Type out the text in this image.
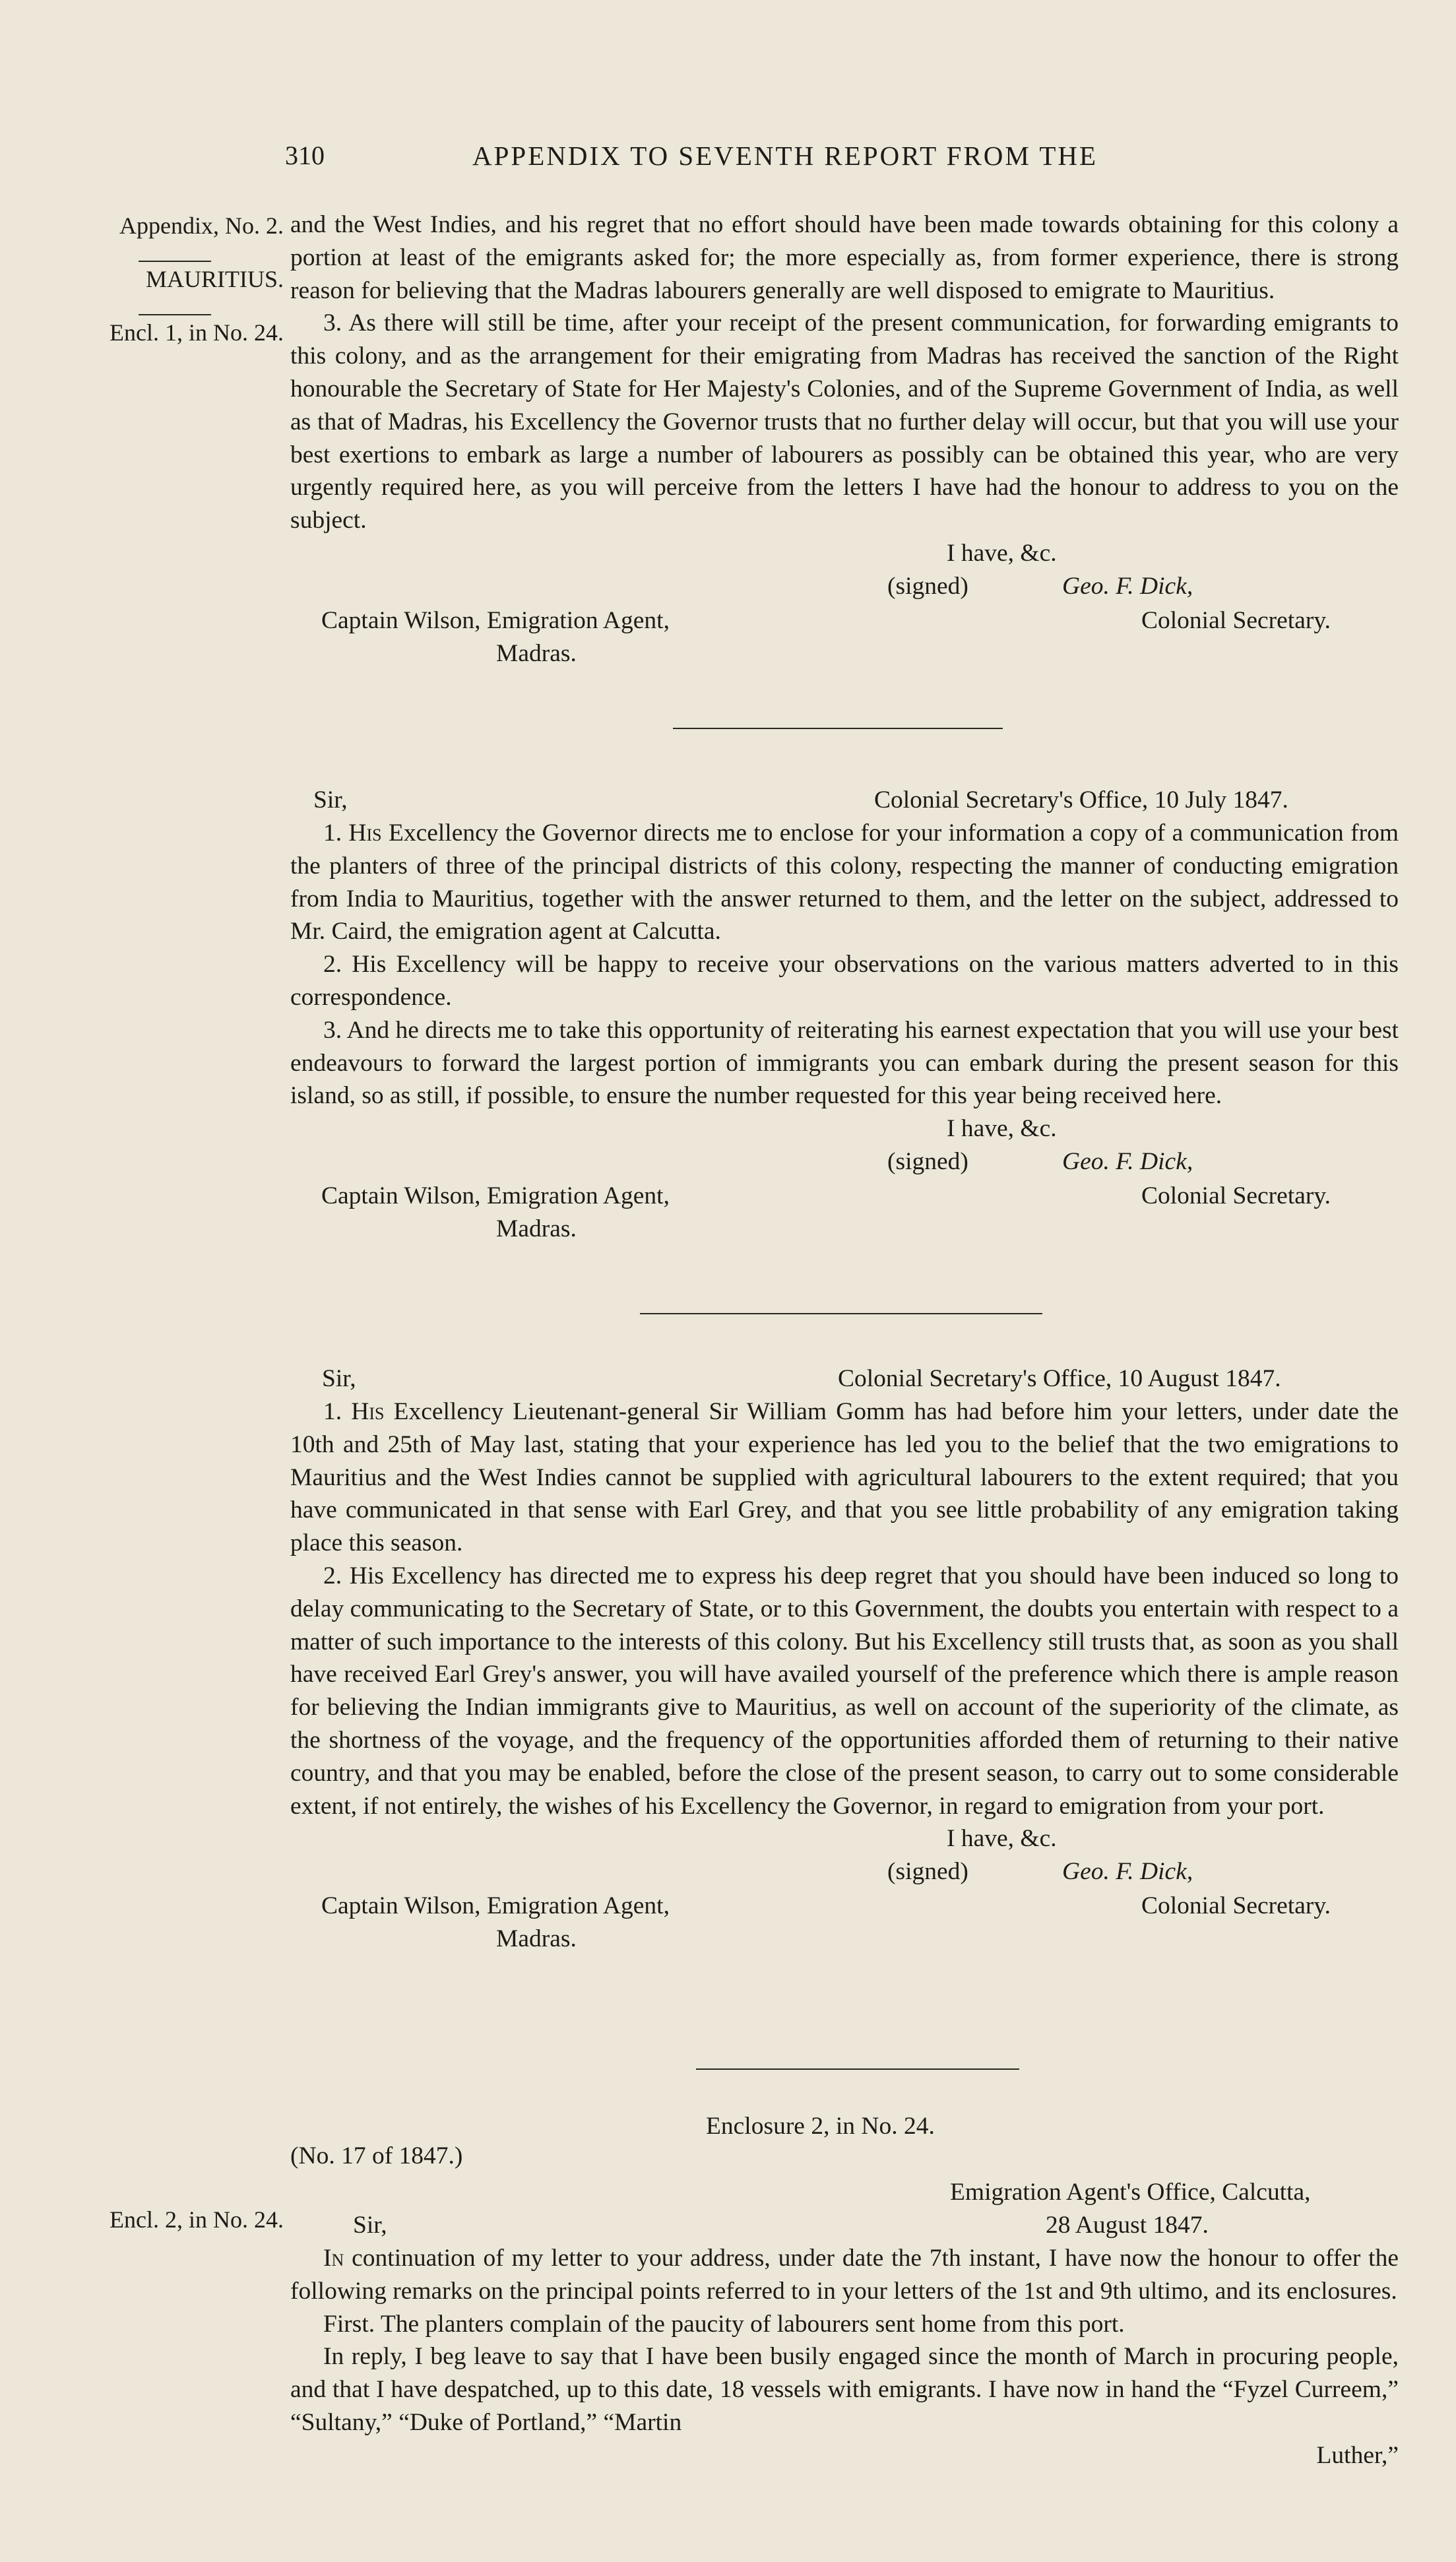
310	APPENDIX TO SEVENTH REPORT FROM THE
Appendix, No. 2.
MAURITIUS.
Encl. 1, in No. 24.
Encl. 2, in No. 24.

and the West Indies, and his regret that no effort should have been made towards obtaining for this colony a portion at least of the emigrants asked for; the more especially as, from former experience, there is strong reason for believing that the Madras labourers generally are well disposed to emigrate to Mauritius.

3. As there will still be time, after your receipt of the present communication, for forwarding emigrants to this colony, and as the arrangement for their emigrating from Madras has received the sanction of the Right honourable the Secretary of State for Her Majesty's Colonies, and of the Supreme Government of India, as well as that of Madras, his Excellency the Governor trusts that no further delay will occur, but that you will use your best exertions to embark as large a number of labourers as possibly can be obtained this year, who are very urgently required here, as you will perceive from the letters I have had the honour to address to you on the subject.

I have, &c.
(signed)	Geo. F. Dick,
Colonial Secretary.
Captain Wilson, Emigration Agent,
Madras.

Sir,	Colonial Secretary's Office, 10 July 1847.

1. His Excellency the Governor directs me to enclose for your information a copy of a communication from the planters of three of the principal districts of this colony, respecting the manner of conducting emigration from India to Mauritius, together with the answer returned to them, and the letter on the subject, addressed to Mr. Caird, the emigration agent at Calcutta.

2. His Excellency will be happy to receive your observations on the various matters adverted to in this correspondence.

3. And he directs me to take this opportunity of reiterating his earnest expectation that you will use your best endeavours to forward the largest portion of immigrants you can embark during the present season for this island, so as still, if possible, to ensure the number requested for this year being received here.

I have, &c.
(signed)	Geo. F. Dick,
Colonial Secretary.
Captain Wilson, Emigration Agent,
Madras.

Sir,	Colonial Secretary's Office, 10 August 1847.

1. His Excellency Lieutenant-general Sir William Gomm has had before him your letters, under date the 10th and 25th of May last, stating that your experience has led you to the belief that the two emigrations to Mauritius and the West Indies cannot be supplied with agricultural labourers to the extent required; that you have communicated in that sense with Earl Grey, and that you see little probability of any emigration taking place this season.

2. His Excellency has directed me to express his deep regret that you should have been induced so long to delay communicating to the Secretary of State, or to this Government, the doubts you entertain with respect to a matter of such importance to the interests of this colony. But his Excellency still trusts that, as soon as you shall have received Earl Grey's answer, you will have availed yourself of the preference which there is ample reason for believing the Indian immigrants give to Mauritius, as well on account of the superiority of the climate, as the shortness of the voyage, and the frequency of the opportunities afforded them of returning to their native country, and that you may be enabled, before the close of the present season, to carry out to some considerable extent, if not entirely, the wishes of his Excellency the Governor, in regard to emigration from your port.

I have, &c.
(signed)	Geo. F. Dick,
Colonial Secretary.
Captain Wilson, Emigration Agent,
Madras.
Enclosure 2, in No. 24.
(No. 17 of 1847.)
Emigration Agent's Office, Calcutta,

Sir,	28 August 1847.

In continuation of my letter to your address, under date the 7th instant, I have now the honour to offer the following remarks on the principal points referred to in your letters of the 1st and 9th ultimo, and its enclosures.

First. The planters complain of the paucity of labourers sent home from this port.

In reply, I beg leave to say that I have been busily engaged since the month of March in procuring people, and that I have despatched, up to this date, 18 vessels with emigrants. I have now in hand the “Fyzel Curreem,” “Sultany,” “Duke of Portland,” “Martin

Luther,”
